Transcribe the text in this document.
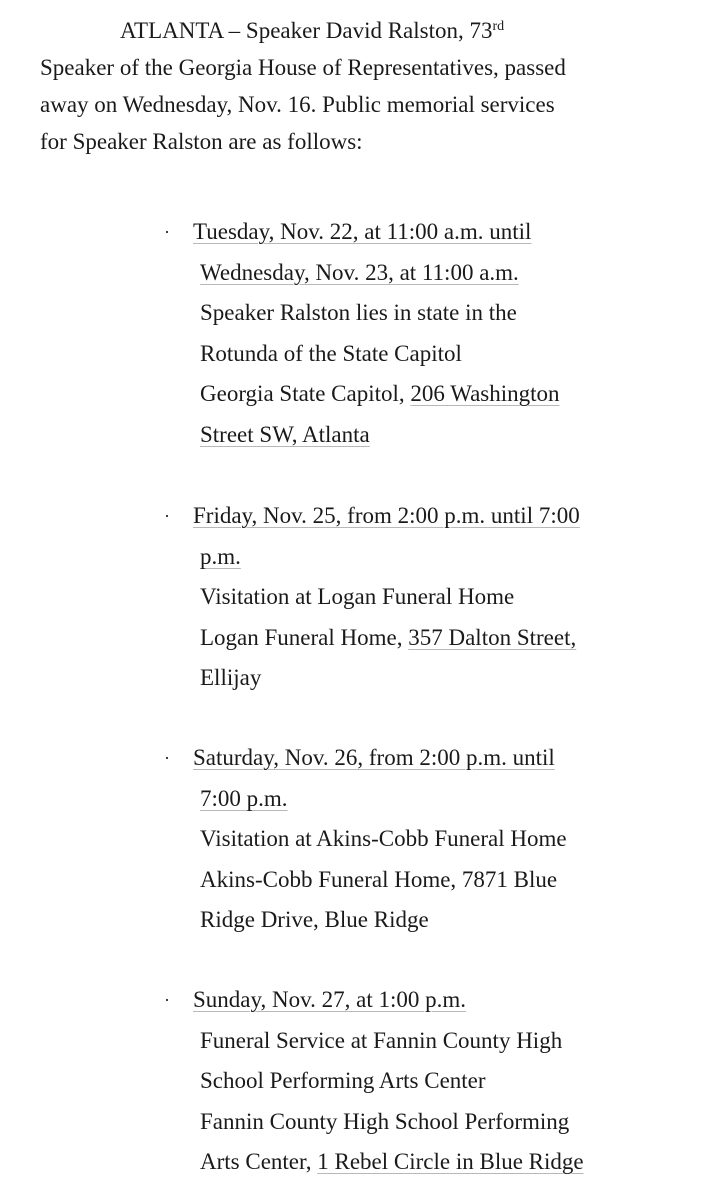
ATLANTA – Speaker David Ralston, 73rd
Speaker of the Georgia House of Representatives, passed
away on Wednesday, Nov. 16. Public memorial services
for Speaker Ralston are as follows:
· Tuesday, Nov. 22, at 11:00 a.m. until
Wednesday, Nov. 23, at 11:00 a.m.
Speaker Ralston lies in state in the
Rotunda of the State Capitol
Georgia State Capitol, 206 Washington
Street SW, Atlanta
· Friday, Nov. 25, from 2:00 p.m. until 7:00
p.m.
Visitation at Logan Funeral Home
Logan Funeral Home, 357 Dalton Street,
Ellijay
· Saturday, Nov. 26, from 2:00 p.m. until
7:00 p.m.
Visitation at Akins-Cobb Funeral Home
Akins-Cobb Funeral Home, 7871 Blue
Ridge Drive, Blue Ridge
· Sunday, Nov. 27, at 1:00 p.m.
Funeral Service at Fannin County High
School Performing Arts Center
Fannin County High School Performing
Arts Center, 1 Rebel Circle in Blue Ridge
